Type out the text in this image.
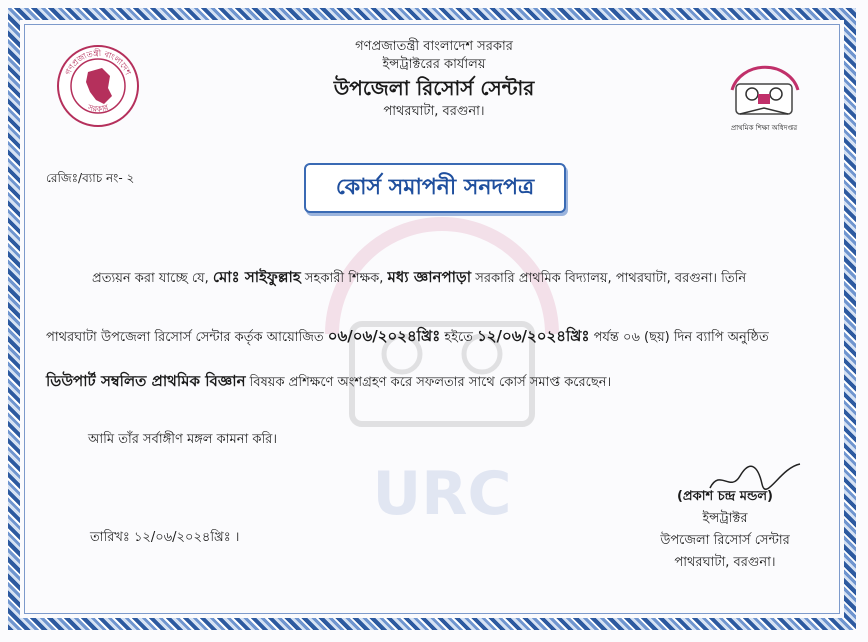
গণপ্রজাতন্ত্রী বাংলাদেশ
সরকার
গণপ্রজাতন্ত্রী বাংলাদেশ সরকার
ইন্সট্রাক্টরের কার্যালয়
উপজেলা রিসোর্স সেন্টার
পাথরঘাটা, বরগুনা।
প্রাথমিক শিক্ষা অধিদপ্তর
রেজিঃ/ব্যাচ নং- ২	কোর্স সমাপনী সনদপত্র
URC
প্রত্যয়ন করা যাচ্ছে যে, মোঃ সাইফুল্লাহ সহকারী শিক্ষক, মধ্য জ্ঞানপাড়া সরকারি প্রাথমিক বিদ্যালয়, পাথরঘাটা, বরগুনা। তিনি
পাথরঘাটা উপজেলা রিসোর্স সেন্টার কর্তৃক আয়োজিত ০৬/০৬/২০২৪খ্রিঃ হইতে ১২/০৬/২০২৪খ্রিঃ পর্যন্ত ০৬ (ছয়) দিন ব্যাপি অনুষ্ঠিত
ডিউপার্ট সম্বলিত প্রাথমিক বিজ্ঞান বিষয়ক প্রশিক্ষণে অংশগ্রহণ করে সফলতার সাথে কোর্স সমাপ্ত করেছেন।
আমি তাঁর সর্বাঙ্গীণ মঙ্গল কামনা করি।
তারিখঃ ১২/০৬/২০২৪খ্রিঃ ।
(প্রকাশ চন্দ্র মন্ডল)
ইন্সট্রাক্টর
উপজেলা রিসোর্স সেন্টার
পাথরঘাটা, বরগুনা।
